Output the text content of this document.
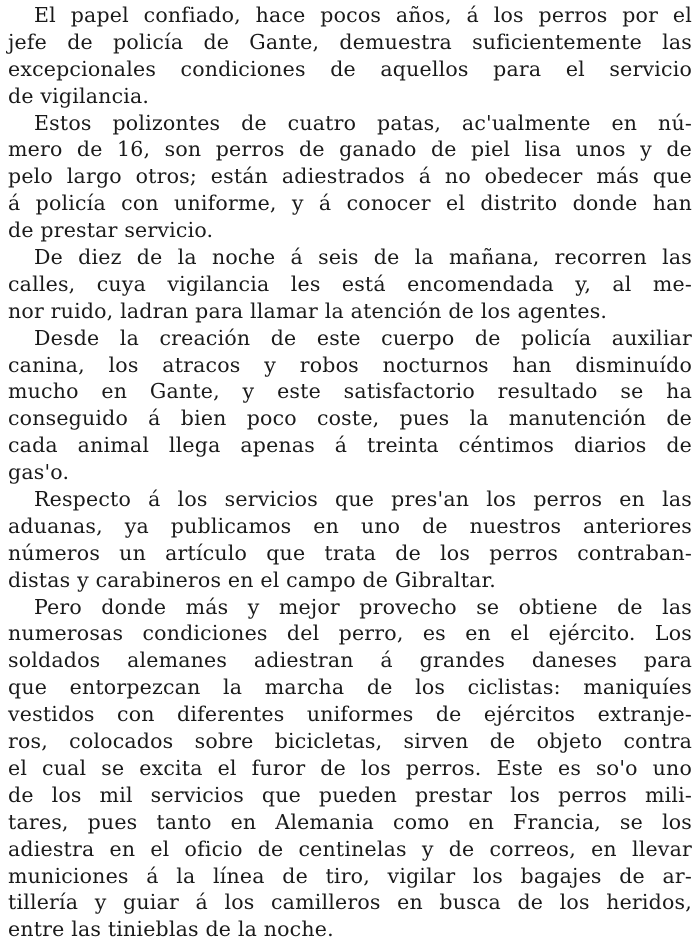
El papel confiado, hace pocos años, á los perros por el
jefe de policía de Gante, demuestra suficientemente las
excepcionales condiciones de aquellos para el servicio
de vigilancia.
Estos polizontes de cuatro patas, ac'ualmente en nú-
mero de 16, son perros de ganado de piel lisa unos y de
pelo largo otros; están adiestrados á no obedecer más que
á policía con uniforme, y á conocer el distrito donde han
de prestar servicio.
De diez de la noche á seis de la mañana, recorren las
calles, cuya vigilancia les está encomendada y, al me-
nor ruido, ladran para llamar la atención de los agentes.
Desde la creación de este cuerpo de policía auxiliar
canina, los atracos y robos nocturnos han disminuído
mucho en Gante, y este satisfactorio resultado se ha
conseguido á bien poco coste, pues la manutención de
cada animal llega apenas á treinta céntimos diarios de
gas'o.
Respecto á los servicios que pres'an los perros en las
aduanas, ya publicamos en uno de nuestros anteriores
números un artículo que trata de los perros contraban-
distas y carabineros en el campo de Gibraltar.
Pero donde más y mejor provecho se obtiene de las
numerosas condiciones del perro, es en el ejército. Los
soldados alemanes adiestran á grandes daneses para
que entorpezcan la marcha de los ciclistas: maniquíes
vestidos con diferentes uniformes de ejércitos extranje-
ros, colocados sobre bicicletas, sirven de objeto contra
el cual se excita el furor de los perros. Este es so'o uno
de los mil servicios que pueden prestar los perros mili-
tares, pues tanto en Alemania como en Francia, se los
adiestra en el oficio de centinelas y de correos, en llevar
municiones á la línea de tiro, vigilar los bagajes de ar-
tillería y guiar á los camilleros en busca de los heridos,
entre las tinieblas de la noche.
